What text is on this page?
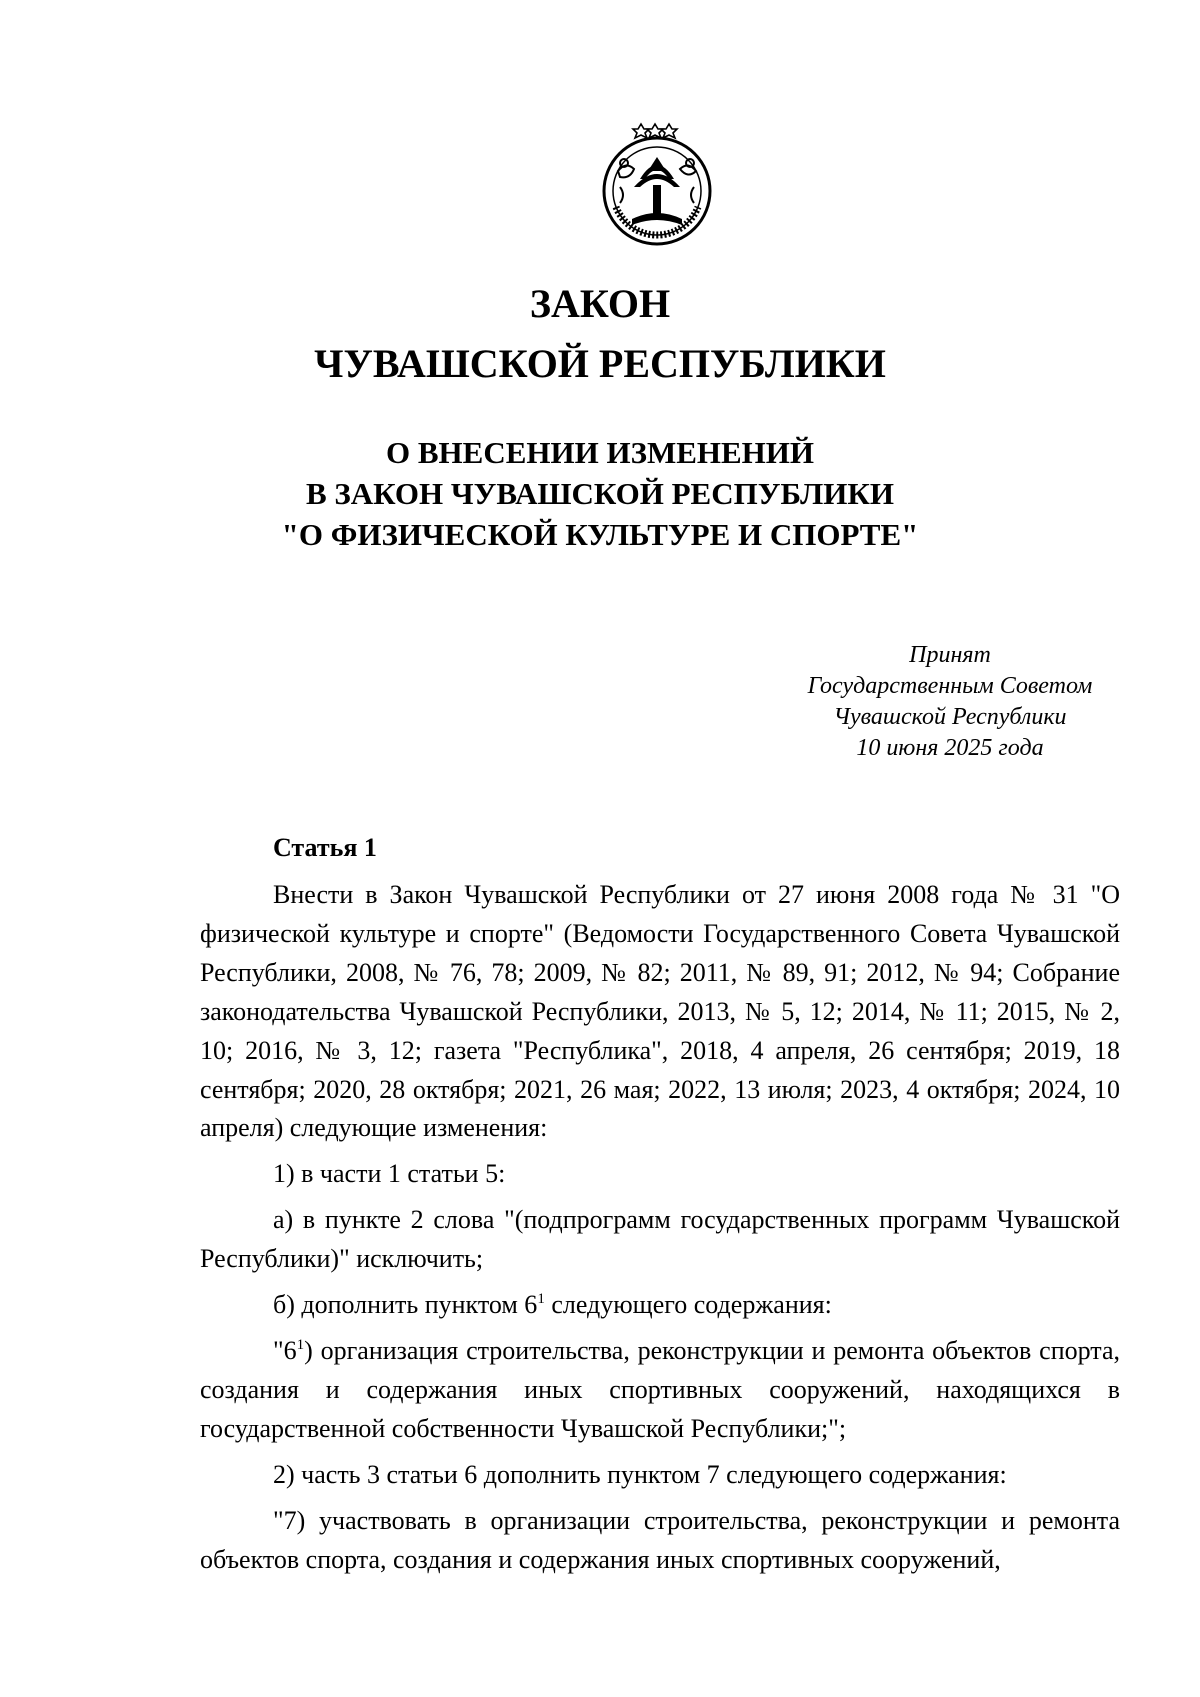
ЗАКОН
ЧУВАШСКОЙ РЕСПУБЛИКИ
О ВНЕСЕНИИ ИЗМЕНЕНИЙ
В ЗАКОН ЧУВАШСКОЙ РЕСПУБЛИКИ
"О ФИЗИЧЕСКОЙ КУЛЬТУРЕ И СПОРТЕ"
Принят
Государственным Советом
Чувашской Республики
10 июня 2025 года
Статья 1

Внести в Закон Чувашской Республики от 27 июня 2008 года № 31 "О физической культуре и спорте" (Ведомости Государственного Совета Чувашской Республики, 2008, № 76, 78; 2009, № 82; 2011, № 89, 91; 2012, № 94; Собрание законодательства Чувашской Республики, 2013, № 5, 12; 2014, № 11; 2015, № 2, 10; 2016, № 3, 12; газета "Республика", 2018, 4 апреля, 26 сентября; 2019, 18 сентября; 2020, 28 октября; 2021, 26 мая; 2022, 13 июля; 2023, 4 октября; 2024, 10 апреля) следующие изменения:

1) в части 1 статьи 5:

а) в пункте 2 слова "(подпрограмм государственных программ Чувашской Республики)" исключить;

б) дополнить пунктом $6^1$ следующего содержания:

"$6^1$) организация строительства, реконструкции и ремонта объектов спорта, создания и содержания иных спортивных сооружений, находящихся в государственной собственности Чувашской Республики;";

2) часть 3 статьи 6 дополнить пунктом 7 следующего содержания:

"7) участвовать в организации строительства, реконструкции и ремонта объектов спорта, создания и содержания иных спортивных сооружений,
